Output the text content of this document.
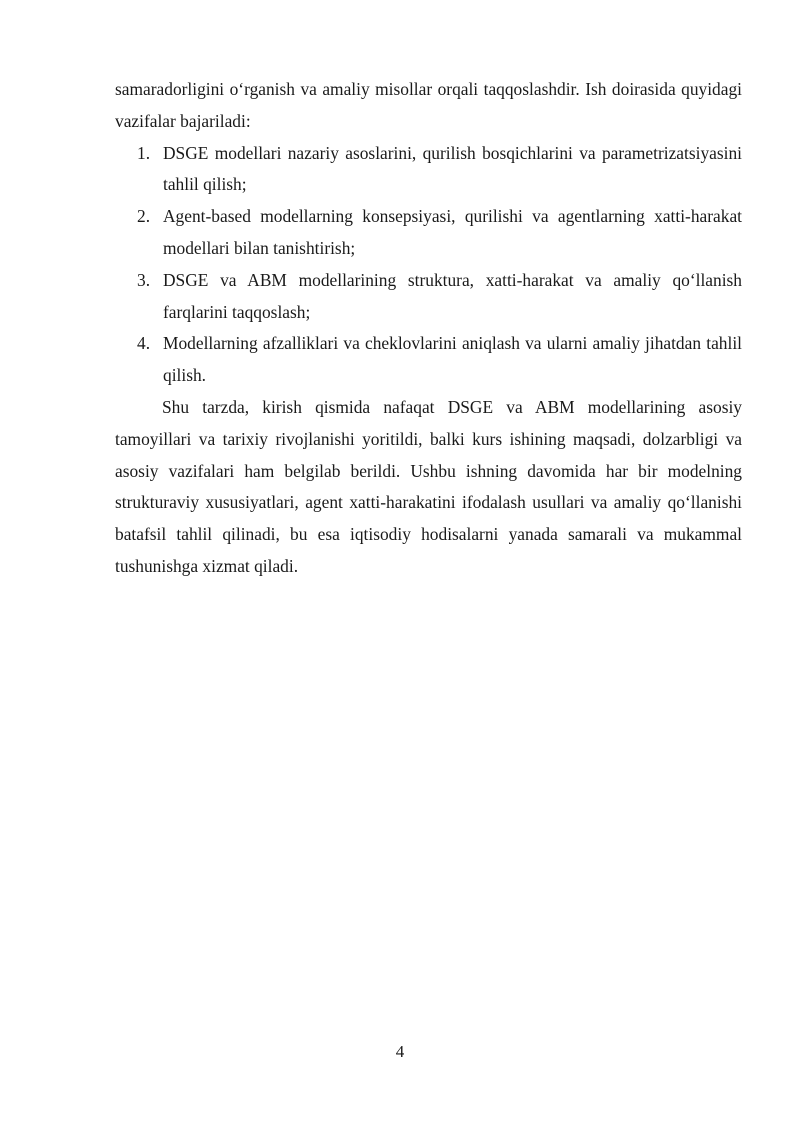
samaradorligini o‘rganish va amaliy misollar orqali taqqoslashdir. Ish doirasida quyidagi vazifalar bajariladi:

1. DSGE modellari nazariy asoslarini, qurilish bosqichlarini va parametrizatsiyasini tahlil qilish;
2. Agent-based modellarning konsepsiyasi, qurilishi va agentlarning xatti-harakat modellari bilan tanishtirish;
3. DSGE va ABM modellarining struktura, xatti-harakat va amaliy qo‘llanish farqlarini taqqoslash;
4. Modellarning afzalliklari va cheklovlarini aniqlash va ularni amaliy jihatdan tahlil qilish.

Shu tarzda, kirish qismida nafaqat DSGE va ABM modellarining asosiy tamoyillari va tarixiy rivojlanishi yoritildi, balki kurs ishining maqsadi, dolzarbligi va asosiy vazifalari ham belgilab berildi. Ushbu ishning davomida har bir modelning strukturaviy xususiyatlari, agent xatti-harakatini ifodalash usullari va amaliy qo‘llanishi batafsil tahlil qilinadi, bu esa iqtisodiy hodisalarni yanada samarali va mukammal tushunishga xizmat qiladi.

4
